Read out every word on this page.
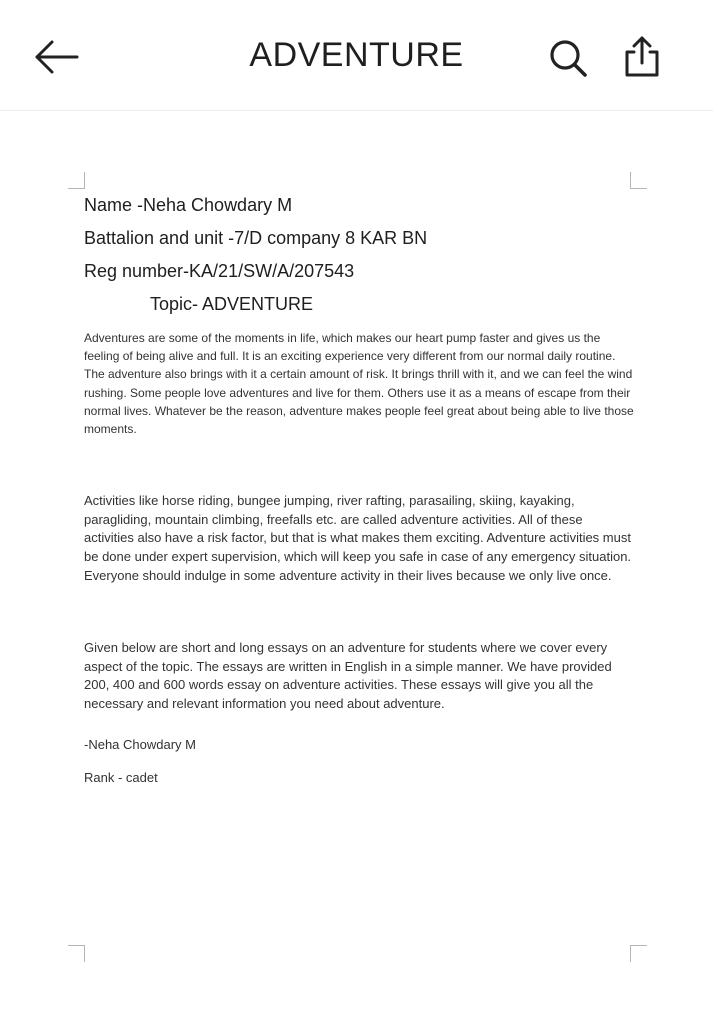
ADVENTURE
Name -Neha Chowdary M
Battalion and unit -7/D company 8 KAR BN
Reg number-KA/21/SW/A/207543
Topic- ADVENTURE

Adventures are some of the moments in life, which makes our heart pump faster and gives us the feeling of being alive and full. It is an exciting experience very different from our normal daily routine. The adventure also brings with it a certain amount of risk. It brings thrill with it, and we can feel the wind rushing. Some people love adventures and live for them. Others use it as a means of escape from their normal lives. Whatever be the reason, adventure makes people feel great about being able to live those moments.

Activities like horse riding, bungee jumping, river rafting, parasailing, skiing, kayaking, paragliding, mountain climbing, freefalls etc. are called adventure activities. All of these activities also have a risk factor, but that is what makes them exciting. Adventure activities must be done under expert supervision, which will keep you safe in case of any emergency situation. Everyone should indulge in some adventure activity in their lives because we only live once.

Given below are short and long essays on an adventure for students where we cover every aspect of the topic. The essays are written in English in a simple manner. We have provided 200, 400 and 600 words essay on adventure activities. These essays will give you all the necessary and relevant information you need about adventure.

-Neha Chowdary M
Rank - cadet
